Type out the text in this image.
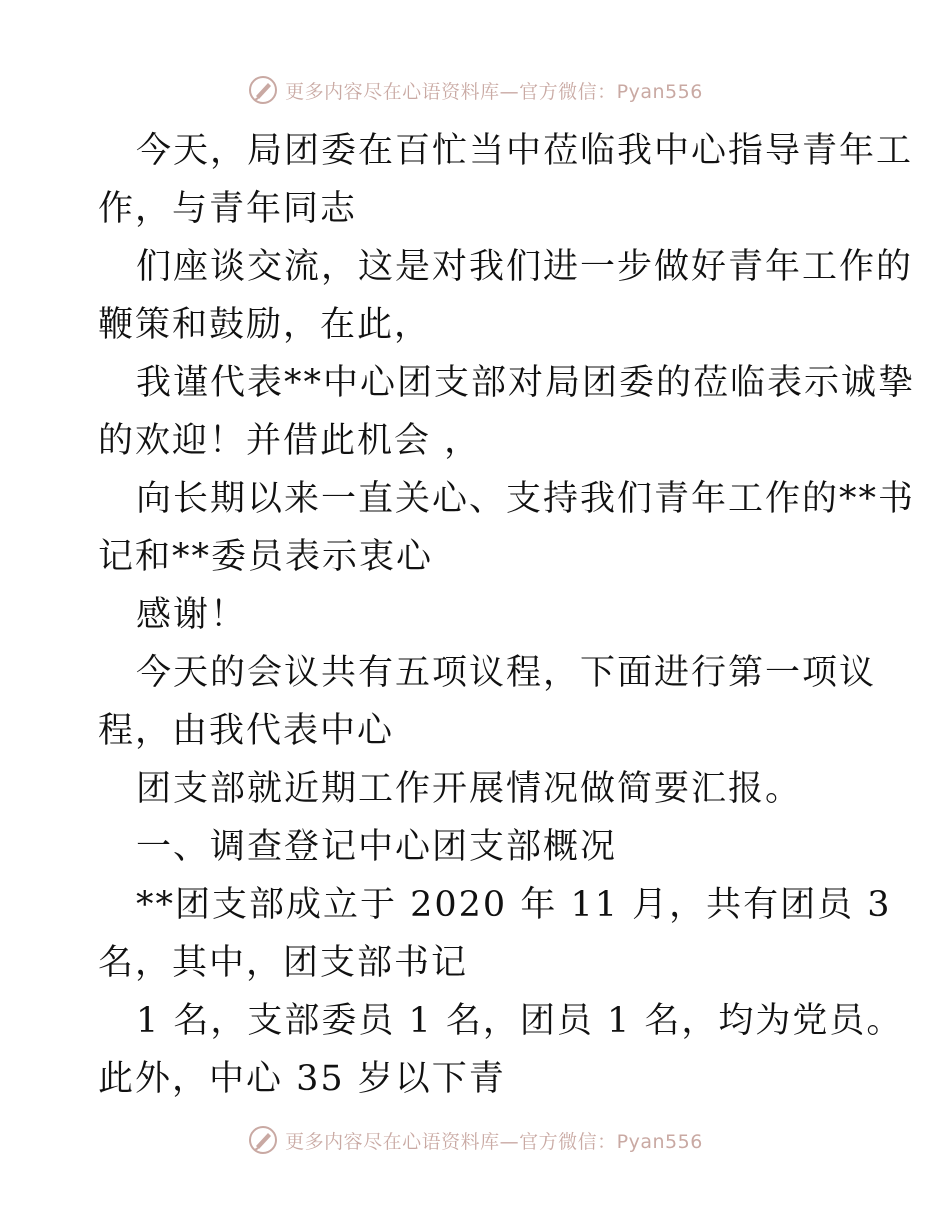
更多内容尽在心语资料库—官方微信：Pyan556
今天，局团委在百忙当中莅临我中心指导青年工
作，与青年同志
们座谈交流，这是对我们进一步做好青年工作的
鞭策和鼓励，在此，
我谨代表**中心团支部对局团委的莅临表示诚挚
的欢迎！并借此机会 ，
向长期以来一直关心、支持我们青年工作的**书
记和**委员表示衷心
感谢！
今天的会议共有五项议程，下面进行第一项议
程，由我代表中心
团支部就近期工作开展情况做简要汇报。
一、调查登记中心团支部概况
**团支部成立于 2020 年 11 月，共有团员 3
名，其中，团支部书记
1 名，支部委员 1 名，团员 1 名，均为党员。
此外，中心 35 岁以下青
更多内容尽在心语资料库—官方微信：Pyan556
